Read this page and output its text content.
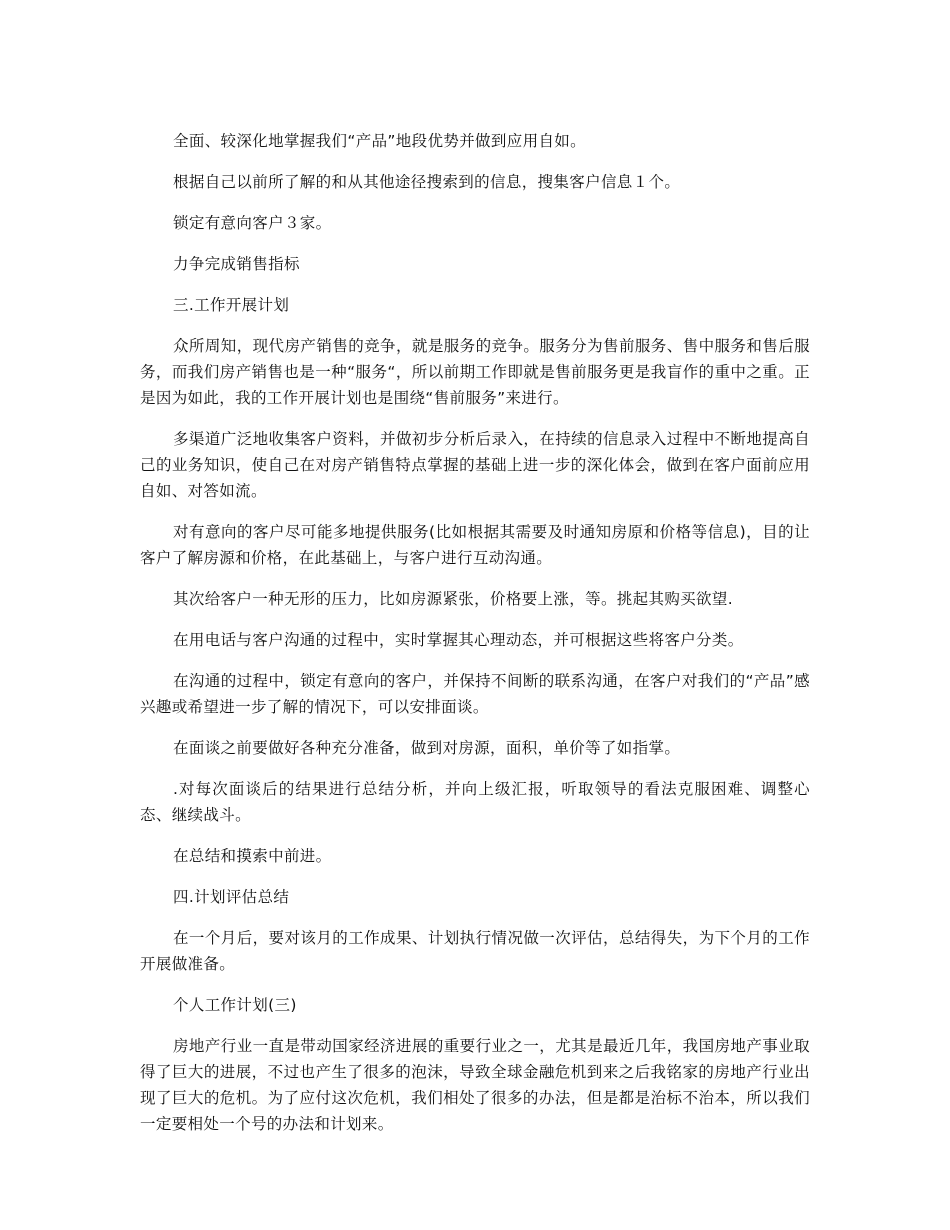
全面、较深化地掌握我们“产品”地段优势并做到应用自如。

根据自己以前所了解的和从其他途径搜索到的信息，搜集客户信息１个。

锁定有意向客户３家。

力争完成销售指标

三.工作开展计划

众所周知，现代房产销售的竞争，就是服务的竞争。服务分为售前服务、售中服务和售后服务，而我们房产销售也是一种“服务“，所以前期工作即就是售前服务更是我盲作的重中之重。正是因为如此，我的工作开展计划也是围绕“售前服务”来进行。

多渠道广泛地收集客户资料，并做初步分析后录入，在持续的信息录入过程中不断地提高自己的业务知识，使自己在对房产销售特点掌握的基础上进一步的深化体会，做到在客户面前应用自如、对答如流。

对有意向的客户尽可能多地提供服务(比如根据其需要及时通知房原和价格等信息)，目的让客户了解房源和价格，在此基础上，与客户进行互动沟通。

其次给客户一种无形的压力，比如房源紧张，价格要上涨，等。挑起其购买欲望.

在用电话与客户沟通的过程中，实时掌握其心理动态，并可根据这些将客户分类。

在沟通的过程中，锁定有意向的客户，并保持不间断的联系沟通，在客户对我们的“产品”感兴趣或希望进一步了解的情况下，可以安排面谈。

在面谈之前要做好各种充分准备，做到对房源，面积，单价等了如指掌。

.对每次面谈后的结果进行总结分析，并向上级汇报，听取领导的看法克服困难、调整心态、继续战斗。

在总结和摸索中前进。

四.计划评估总结

在一个月后，要对该月的工作成果、计划执行情况做一次评估，总结得失，为下个月的工作开展做准备。

个人工作计划(三)

房地产行业一直是带动国家经济进展的重要行业之一，尤其是最近几年，我国房地产事业取得了巨大的进展，不过也产生了很多的泡沫，导致全球金融危机到来之后我铭家的房地产行业出现了巨大的危机。为了应付这次危机，我们相处了很多的办法，但是都是治标不治本，所以我们一定要相处一个号的办法和计划来。
